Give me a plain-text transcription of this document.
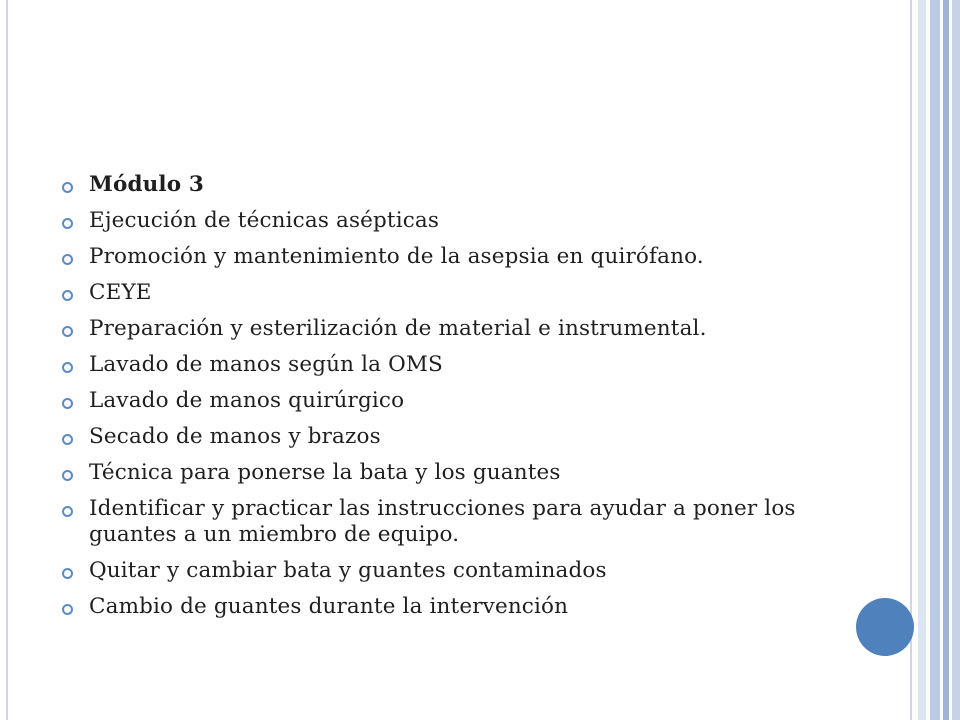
Módulo 3
Ejecución de técnicas asépticas
Promoción y mantenimiento de la asepsia en quirófano.
CEYE
Preparación y esterilización de material e instrumental.
Lavado de manos según la OMS
Lavado de manos quirúrgico
Secado de manos y brazos
Técnica para ponerse la bata y los guantes
Identificar y practicar las instrucciones para ayudar a poner los guantes a un miembro de equipo.
Quitar y cambiar bata y guantes contaminados
Cambio de guantes durante la intervención
